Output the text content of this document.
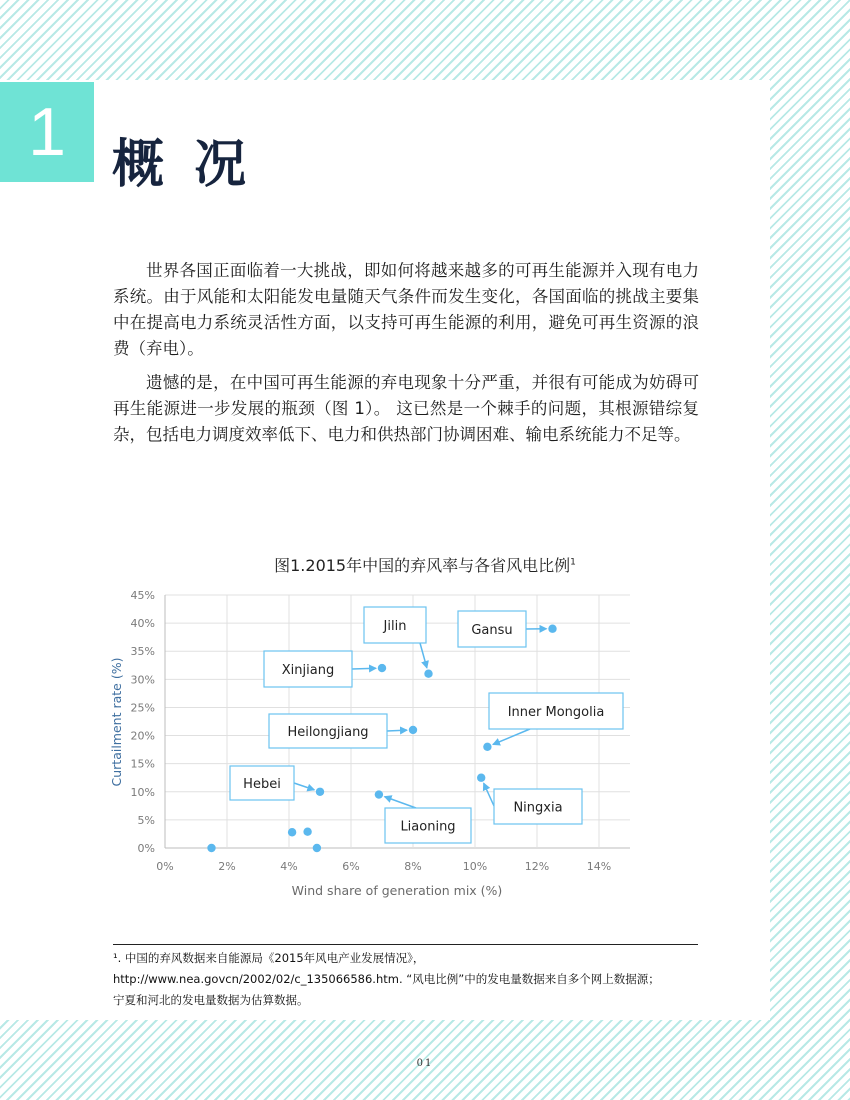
1 概 况

世界各国正面临着一大挑战，即如何将越来越多的可再生能源并入现有电力系统。由于风能和太阳能发电量随天气条件而发生变化，各国面临的挑战主要集中在提高电力系统灵活性方面，以支持可再生能源的利用，避免可再生资源的浪费（弃电）。

遗憾的是，在中国可再生能源的弃电现象十分严重，并很有可能成为妨碍可再生能源进一步发展的瓶颈（图 1）。 这已然是一个棘手的问题，其根源错综复杂，包括电力调度效率低下、电力和供热部门协调困难、输电系统能力不足等。

图1.2015年中国的弃风率与各省风电比例$^1$
Gansu
Jilin
Xinjiang
Heilongjiang
Inner Mongolia
Hebei
Liaoning
Ningxia
0%
5%
10%
15%
20%
25%
30%
35%
40%
45%
0%	2%	4%	6%	8%	10%	12%	14%
Wind share of generation mix (%)
Curtailment rate (%)
¹. 中国的弃风数据来自能源局《2015年风电产业发展情况》，
http://www.nea.govcn/2002/02/c_135066586.htm. “风电比例”中的发电量数据来自多个网上数据源；
宁夏和河北的发电量数据为估算数据。
01
